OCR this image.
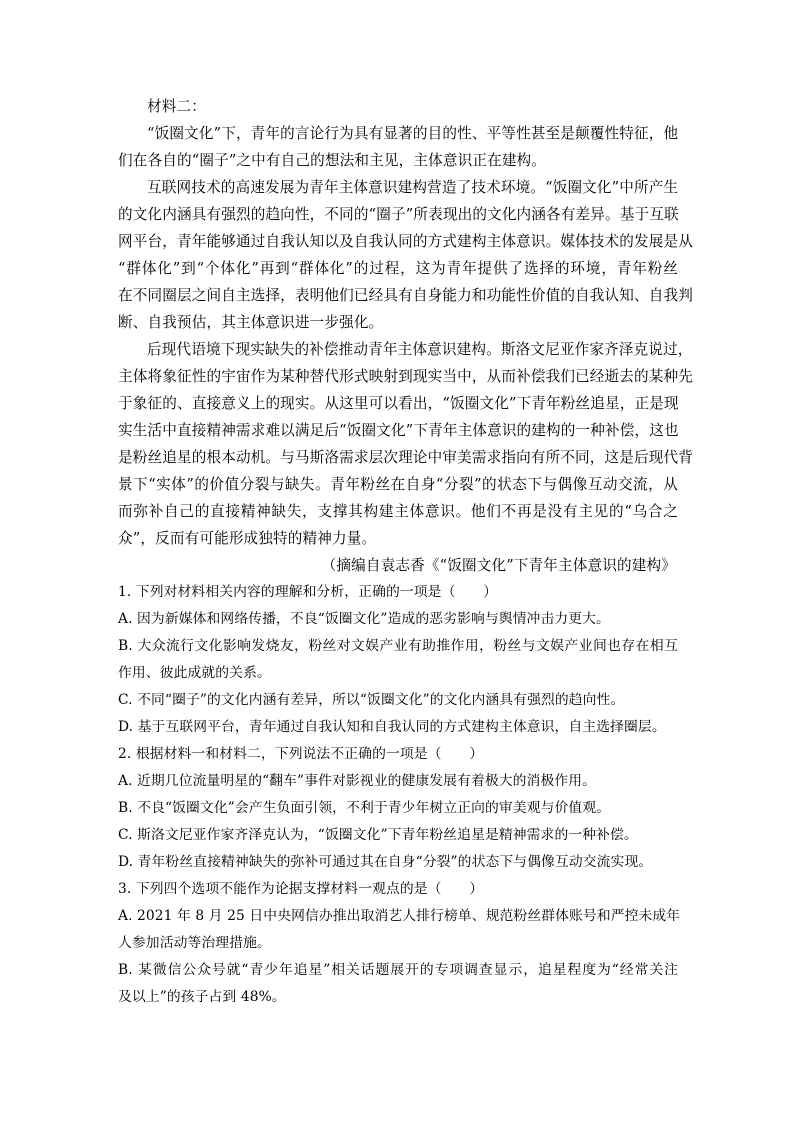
材料二：
“饭圈文化”下，青年的言论行为具有显著的目的性、平等性甚至是颠覆性特征，他
们在各自的“圈子”之中有自己的想法和主见，主体意识正在建构。
互联网技术的高速发展为青年主体意识建构营造了技术环境。“饭圈文化”中所产生
的文化内涵具有强烈的趋向性，不同的“圈子”所表现出的文化内涵各有差异。基于互联
网平台，青年能够通过自我认知以及自我认同的方式建构主体意识。媒体技术的发展是从
“群体化”到“个体化”再到“群体化”的过程，这为青年提供了选择的环境，青年粉丝
在不同圈层之间自主选择，表明他们已经具有自身能力和功能性价值的自我认知、自我判
断、自我预估，其主体意识进一步强化。
后现代语境下现实缺失的补偿推动青年主体意识建构。斯洛文尼亚作家齐泽克说过，
主体将象征性的宇宙作为某种替代形式映射到现实当中，从而补偿我们已经逝去的某种先
于象征的、直接意义上的现实。从这里可以看出，“饭圈文化”下青年粉丝追星，正是现
实生活中直接精神需求难以满足后“饭圈文化”下青年主体意识的建构的一种补偿，这也
是粉丝追星的根本动机。与马斯洛需求层次理论中审美需求指向有所不同，这是后现代背
景下“实体”的价值分裂与缺失。青年粉丝在自身“分裂”的状态下与偶像互动交流，从
而弥补自己的直接精神缺失，支撑其构建主体意识。他们不再是没有主见的“乌合之
众”，反而有可能形成独特的精神力量。
（摘编自袁志香《“饭圈文化”下青年主体意识的建构》
1. 下列对材料相关内容的理解和分析，正确的一项是（　　）
A. 因为新媒体和网络传播，不良“饭圈文化”造成的恶劣影响与舆情冲击力更大。
B. 大众流行文化影响发烧友，粉丝对文娱产业有助推作用，粉丝与文娱产业间也存在相互
作用、彼此成就的关系。
C. 不同“圈子”的文化内涵有差异，所以“饭圈文化”的文化内涵具有强烈的趋向性。
D. 基于互联网平台，青年通过自我认知和自我认同的方式建构主体意识，自主选择圈层。
2. 根据材料一和材料二，下列说法不正确的一项是（　　）
A. 近期几位流量明星的“翻车”事件对影视业的健康发展有着极大的消极作用。
B. 不良“饭圈文化”会产生负面引领，不利于青少年树立正向的审美观与价值观。
C. 斯洛文尼亚作家齐泽克认为，“饭圈文化”下青年粉丝追星是精神需求的一种补偿。
D. 青年粉丝直接精神缺失的弥补可通过其在自身“分裂”的状态下与偶像互动交流实现。
3. 下列四个选项不能作为论据支撑材料一观点的是（　　）
A. 2021 年 8 月 25 日中央网信办推出取消艺人排行榜单、规范粉丝群体账号和严控未成年
人参加活动等治理措施。
B. 某微信公众号就“青少年追星”相关话题展开的专项调查显示，追星程度为“经常关注
及以上”的孩子占到 48%。
